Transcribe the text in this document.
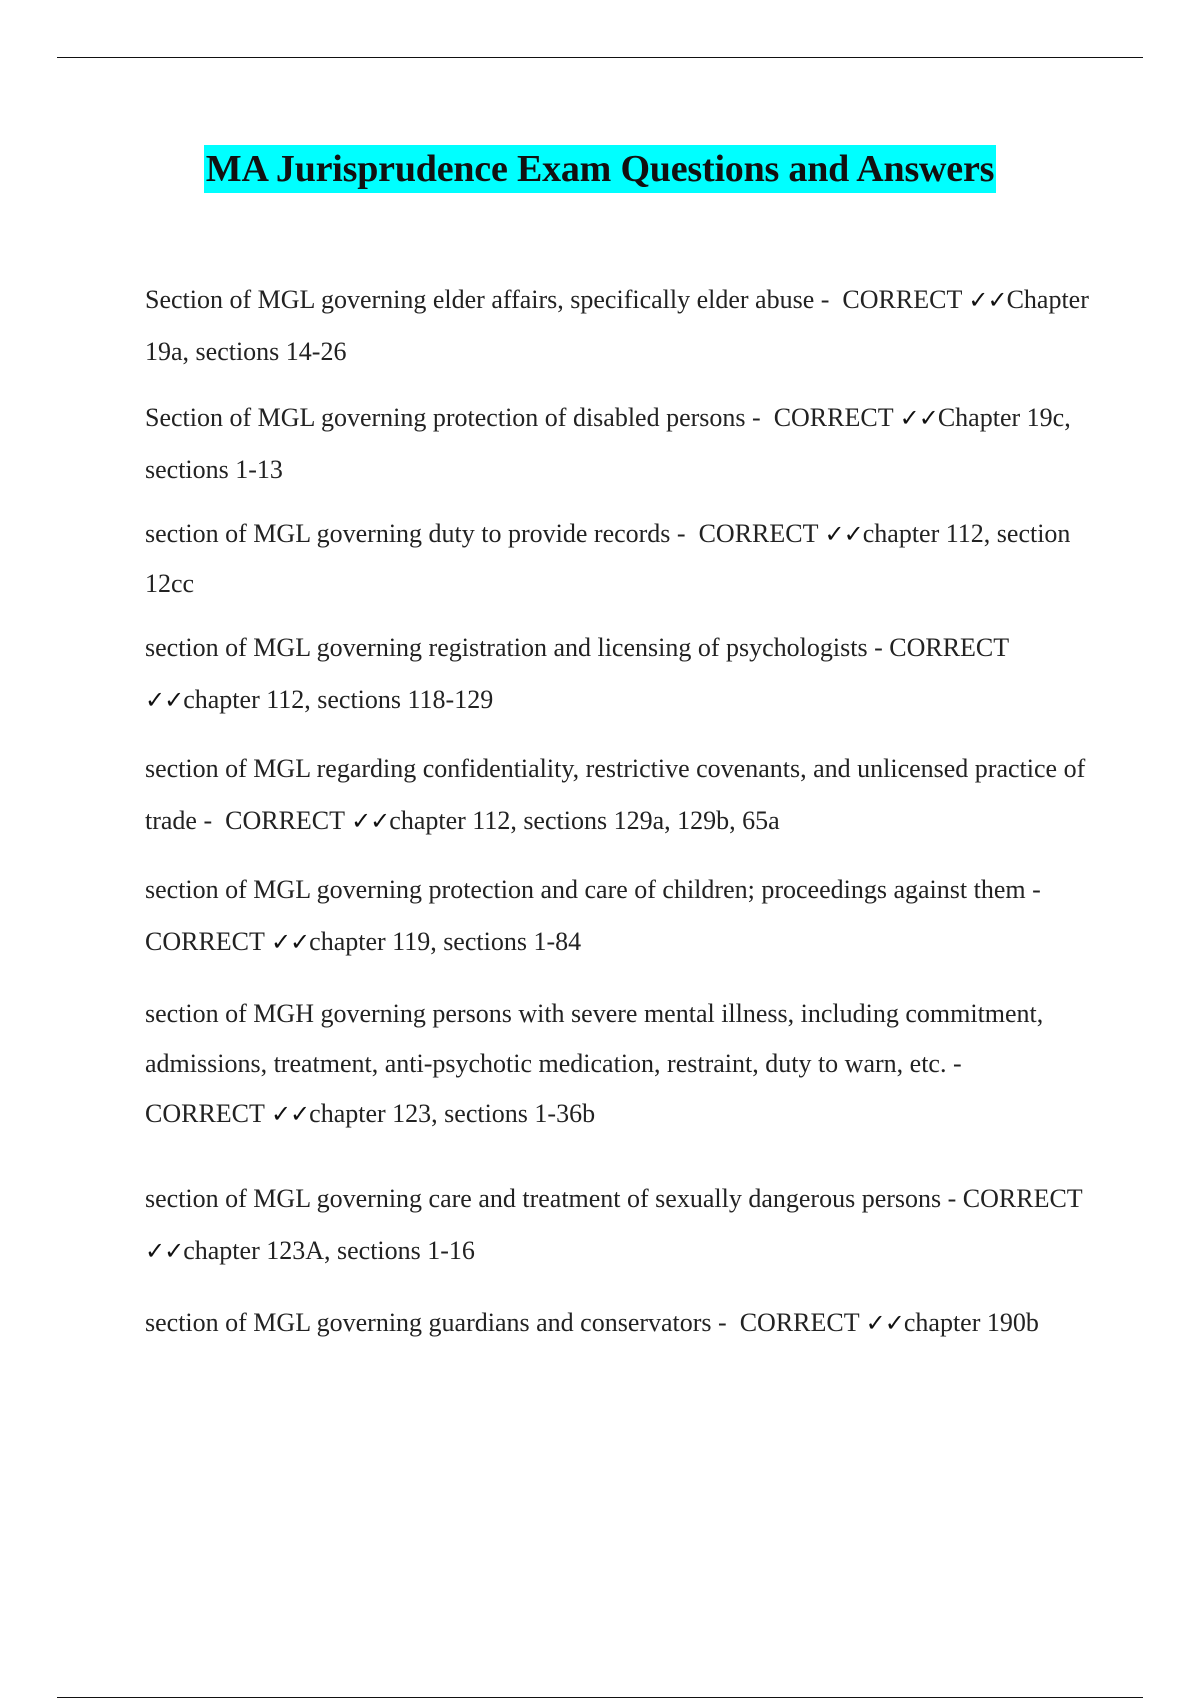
MA Jurisprudence Exam Questions and Answers
Section of MGL governing elder affairs, specifically elder abuse - CORRECT ✓✓Chapter 19a, sections 14-26
Section of MGL governing protection of disabled persons - CORRECT ✓✓Chapter 19c, sections 1-13
section of MGL governing duty to provide records - CORRECT ✓✓chapter 112, section 12cc
section of MGL governing registration and licensing of psychologists - CORRECT ✓✓chapter 112, sections 118-129
section of MGL regarding confidentiality, restrictive covenants, and unlicensed practice of trade - CORRECT ✓✓chapter 112, sections 129a, 129b, 65a
section of MGL governing protection and care of children; proceedings against them -  CORRECT ✓✓chapter 119, sections 1-84
section of MGH governing persons with severe mental illness, including commitment, admissions, treatment, anti-psychotic medication, restraint, duty to warn, etc. -  CORRECT ✓✓chapter 123, sections 1-36b
section of MGL governing care and treatment of sexually dangerous persons - CORRECT ✓✓chapter 123A, sections 1-16
section of MGL governing guardians and conservators - CORRECT ✓✓chapter 190b
